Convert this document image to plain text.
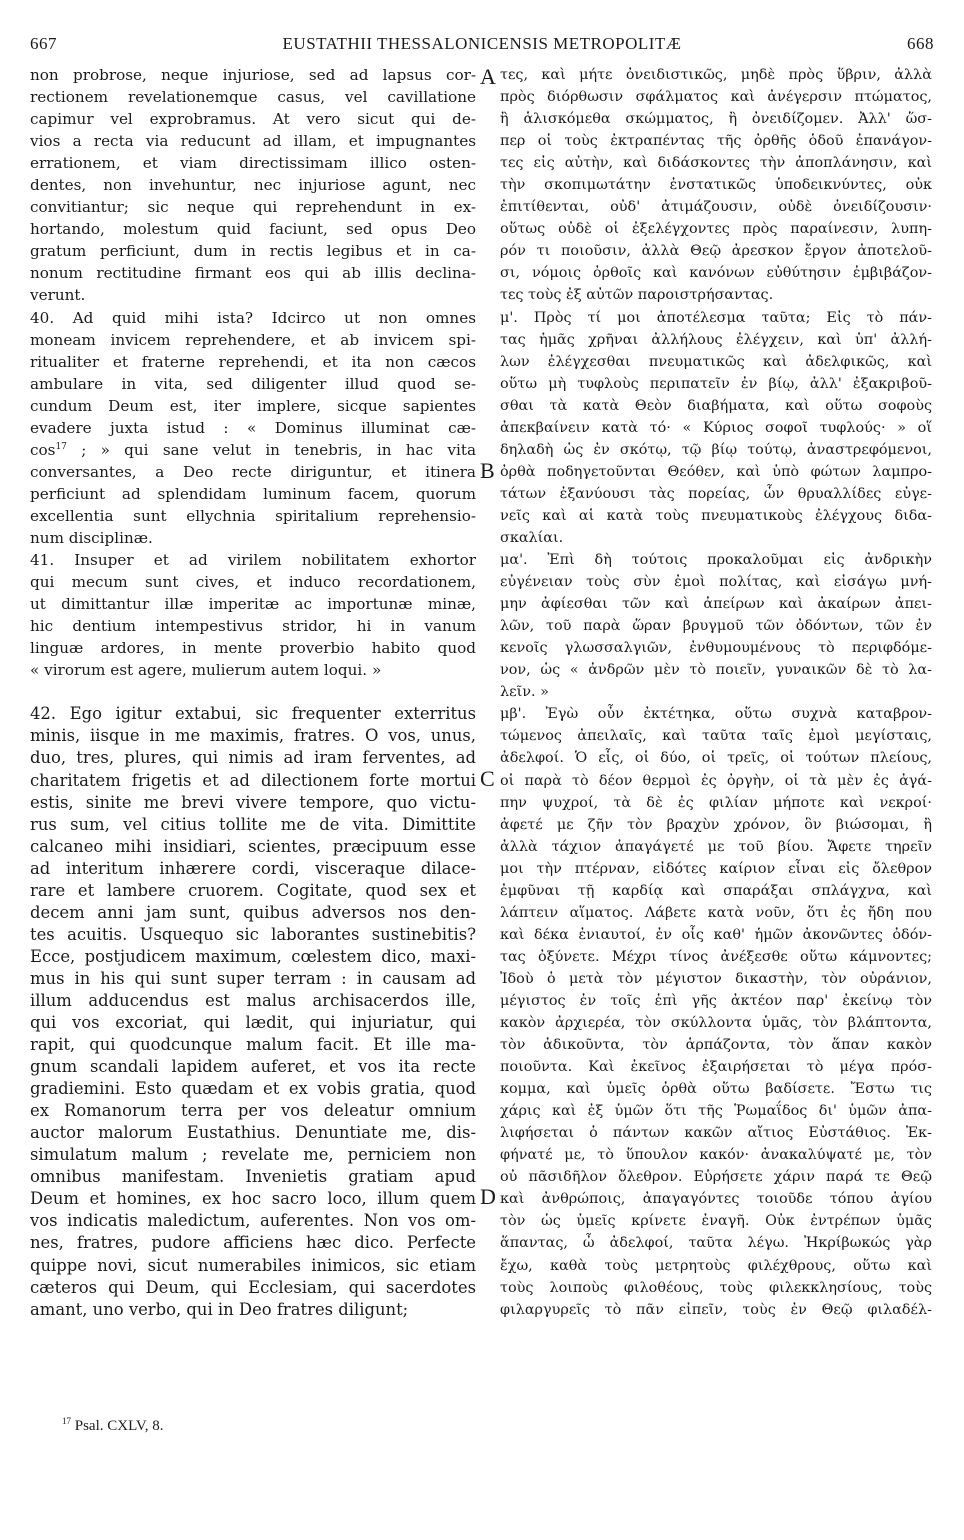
667	EUSTATHII THESSALONICENSIS METROPOLITÆ	668
non probrose, neque injuriose, sed ad lapsus cor-
rectionem revelationemque casus, vel cavillatione
capimur vel exprobramus. At vero sicut qui de-
vios a recta via reducunt ad illam, et impugnantes
errationem, et viam directissimam illico osten-
dentes, non invehuntur, nec injuriose agunt, nec
convitiantur; sic neque qui reprehendunt in ex-
hortando, molestum quid faciunt, sed opus Deo
gratum perficiunt, dum in rectis legibus et in ca-
nonum rectitudine firmant eos qui ab illis declina-
verunt.
40. Ad quid mihi ista? Idcirco ut non omnes
moneam invicem reprehendere, et ab invicem spi-
ritualiter et fraterne reprehendi, et ita non cæcos
ambulare in vita, sed diligenter illud quod se-
cundum Deum est, iter implere, sicque sapientes
evadere juxta istud : « Dominus illuminat cæ-
$\cos^{17}$ ; » qui sane velut in tenebris, in hac vita
conversantes, a Deo recte diriguntur, et itinera
perficiunt ad splendidam luminum facem, quorum
excellentia sunt ellychnia spiritalium reprehensio-
num disciplinæ.
41. Insuper et ad virilem nobilitatem exhortor
qui mecum sunt cives, et induco recordationem,
ut dimittantur illæ imperitæ ac importunæ minæ,
hic dentium intempestivus stridor, hi in vanum
linguæ ardores, in mente proverbio habito quod
« virorum est agere, mulierum autem loqui. »
42. Ego igitur extabui, sic frequenter exterritus
minis, iisque in me maximis, fratres. O vos, unus,
duo, tres, plures, qui nimis ad iram ferventes, ad
charitatem frigetis et ad dilectionem forte mortui
estis, sinite me brevi vivere tempore, quo victu-
rus sum, vel citius tollite me de vita. Dimittite
calcaneo mihi insidiari, scientes, præcipuum esse
ad interitum inhærere cordi, visceraque dilace-
rare et lambere cruorem. Cogitate, quod sex et
decem anni jam sunt, quibus adversos nos den-
tes acuitis. Usquequo sic laborantes sustinebitis?
Ecce, postjudicem maximum, cœlestem dico, maxi-
mus in his qui sunt super terram : in causam ad
illum adducendus est malus archisacerdos ille,
qui vos excoriat, qui lædit, qui injuriatur, qui
rapit, qui quodcunque malum facit. Et ille ma-
gnum scandali lapidem auferet, et vos ita recte
gradiemini. Esto quædam et ex vobis gratia, quod
ex Romanorum terra per vos deleatur omnium
auctor malorum Eustathius. Denuntiate me, dis-
simulatum malum ; revelate me, perniciem non
omnibus manifestam. Invenietis gratiam apud
Deum et homines, ex hoc sacro loco, illum quem
vos indicatis maledictum, auferentes. Non vos om-
nes, fratres, pudore afficiens hæc dico. Perfecte
quippe novi, sicut numerabiles inimicos, sic etiam
cæteros qui Deum, qui Ecclesiam, qui sacerdotes
amant, uno verbo, qui in Deo fratres diligunt;
τες, καὶ μήτε ὀνειδιστικῶς, μηδὲ πρὸς ὕβριν, ἀλλὰ
πρὸς διόρθωσιν σφάλματος καὶ ἀνέγερσιν πτώματος,
ἢ ἁλισκόμεθα σκώμματος, ἢ ὀνειδίζομεν. Ἀλλ' ὥσ-
περ οἱ τοὺς ἐκτραπέντας τῆς ὀρθῆς ὁδοῦ ἐπανάγον-
τες εἰς αὐτὴν, καὶ διδάσκοντες τὴν ἀποπλάνησιν, καὶ
τὴν σκοπιμωτάτην ἐνστατικῶς ὑποδεικνύντες, οὐκ
ἐπιτίθενται, οὐδ' ἀτιμάζουσιν, οὐδὲ ὀνειδίζουσιν·
οὕτως οὐδὲ οἱ ἐξελέγχοντες πρὸς παραίνεσιν, λυπη-
ρόν τι ποιοῦσιν, ἀλλὰ Θεῷ ἀρεσκον ἔργον ἀποτελοῦ-
σι, νόμοις ὀρθοῖς καὶ κανόνων εὐθύτησιν ἐμβιβάζον-
τες τοὺς ἐξ αὐτῶν παροιστρήσαντας.
μ'. Πρὸς τί μοι ἀποτέλεσμα ταῦτα; Εἰς τὸ πάν-
τας ἡμᾶς χρῆναι ἀλλήλους ἐλέγχειν, καὶ ὑπ' ἀλλή-
λων ἐλέγχεσθαι πνευματικῶς καὶ ἀδελφικῶς, καὶ
οὕτω μὴ τυφλοὺς περιπατεῖν ἐν βίῳ, ἀλλ' ἐξακριβοῦ-
σθαι τὰ κατὰ Θεὸν διαβήματα, καὶ οὕτω σοφοὺς
ἀπεκβαίνειν κατὰ τό· « Κύριος σοφοῖ τυφλούς· » οἵ
δηλαδὴ ὡς ἐν σκότῳ, τῷ βίῳ τούτῳ, ἀναστρεφόμενοι,
ὀρθὰ ποδηγετοῦνται Θεόθεν, καὶ ὑπὸ φώτων λαμπρο-
τάτων ἐξανύουσι τὰς πορείας, ὧν θρυαλλίδες εὐγε-
νεῖς καὶ αἱ κατὰ τοὺς πνευματικοὺς ἐλέγχους διδα-
σκαλίαι.
μα'. Ἐπὶ δὴ τούτοις προκαλοῦμαι εἰς ἀνδρικὴν
εὐγένειαν τοὺς σὺν ἐμοὶ πολίτας, καὶ εἰσάγω μνή-
μην ἀφίεσθαι τῶν καὶ ἀπείρων καὶ ἀκαίρων ἀπει-
λῶν, τοῦ παρὰ ὥραν βρυγμοῦ τῶν ὀδόντων, τῶν ἐν
κενοῖς γλωσσαλγιῶν, ἐνθυμουμένους τὸ περιφδόμε-
νον, ὡς « ἀνδρῶν μὲν τὸ ποιεῖν, γυναικῶν δὲ τὸ λα-
λεῖν. »
μβ'. Ἐγὼ οὖν ἐκτέτηκα, οὕτω συχνὰ καταβρον-
τώμενος ἀπειλαῖς, καὶ ταῦτα ταῖς ἐμοὶ μεγίσταις,
ἀδελφοί. Ὁ εἷς, οἱ δύο, οἱ τρεῖς, οἱ τούτων πλείους,
οἱ παρὰ τὸ δέον θερμοὶ ἐς ὀργὴν, οἱ τὰ μὲν ἐς ἀγά-
πην ψυχροί, τὰ δὲ ἐς φιλίαν μήποτε καὶ νεκροί·
ἀφετέ με ζῆν τὸν βραχὺν χρόνον, ὃν βιώσομαι, ἢ
ἀλλὰ τάχιον ἀπαγάγετέ με τοῦ βίου. Ἄφετε τηρεῖν
μοι τὴν πτέρναν, εἰδότες καίριον εἶναι εἰς ὄλεθρον
ἐμφῦναι τῇ καρδίᾳ καὶ σπαράξαι σπλάγχνα, καὶ
λάπτειν αἵματος. Λάβετε κατὰ νοῦν, ὅτι ἐς ἤδη που
καὶ δέκα ἐνιαυτοί, ἐν οἷς καθ' ἡμῶν ἀκονῶντες ὀδόν-
τας ὀξύνετε. Μέχρι τίνος ἀνέξεσθε οὕτω κάμνοντες;
Ἰδοὺ ὁ μετὰ τὸν μέγιστον δικαστὴν, τὸν οὐράνιον,
μέγιστος ἐν τοῖς ἐπὶ γῆς ἀκτέον παρ' ἐκείνῳ τὸν
κακὸν ἀρχιερέα, τὸν σκύλλοντα ὑμᾶς, τὸν βλάπτοντα,
τὸν ἀδικοῦντα, τὸν ἁρπάζοντα, τὸν ἅπαν κακὸν
ποιοῦντα. Καὶ ἐκεῖνος ἐξαιρήσεται τὸ μέγα πρόσ-
κομμα, καὶ ὑμεῖς ὀρθὰ οὕτω βαδίσετε. Ἔστω τις
χάρις καὶ ἐξ ὑμῶν ὅτι τῆς Ῥωμαΐδος δι' ὑμῶν ἀπα-
λιφήσεται ὁ πάντων κακῶν αἴτιος Εὐστάθιος. Ἐκ-
φήνατέ με, τὸ ὕπουλον κακόν· ἀνακαλύψατέ με, τὸν
οὐ πᾶσιδῆλον ὄλεθρον. Εὑρήσετε χάριν παρά τε Θεῷ
καὶ ἀνθρώποις, ἀπαγαγόντες τοιοῦδε τόπου ἁγίου
τὸν ὡς ὑμεῖς κρίνετε ἐναγῆ. Οὐκ ἐντρέπων ὑμᾶς
ἅπαντας, ὦ ἀδελφοί, ταῦτα λέγω. Ἠκρίβωκώς γὰρ
ἔχω, καθὰ τοὺς μετρητοὺς φιλέχθρους, οὕτω καὶ
τοὺς λοιποὺς φιλοθέους, τοὺς φιλεκκλησίους, τοὺς
φιλαργυρεῖς τὸ πᾶν εἰπεῖν, τοὺς ἐν Θεῷ φιλαδέλ-
A
B
C
D
$^{17}$ Psal. CXLV, 8.
